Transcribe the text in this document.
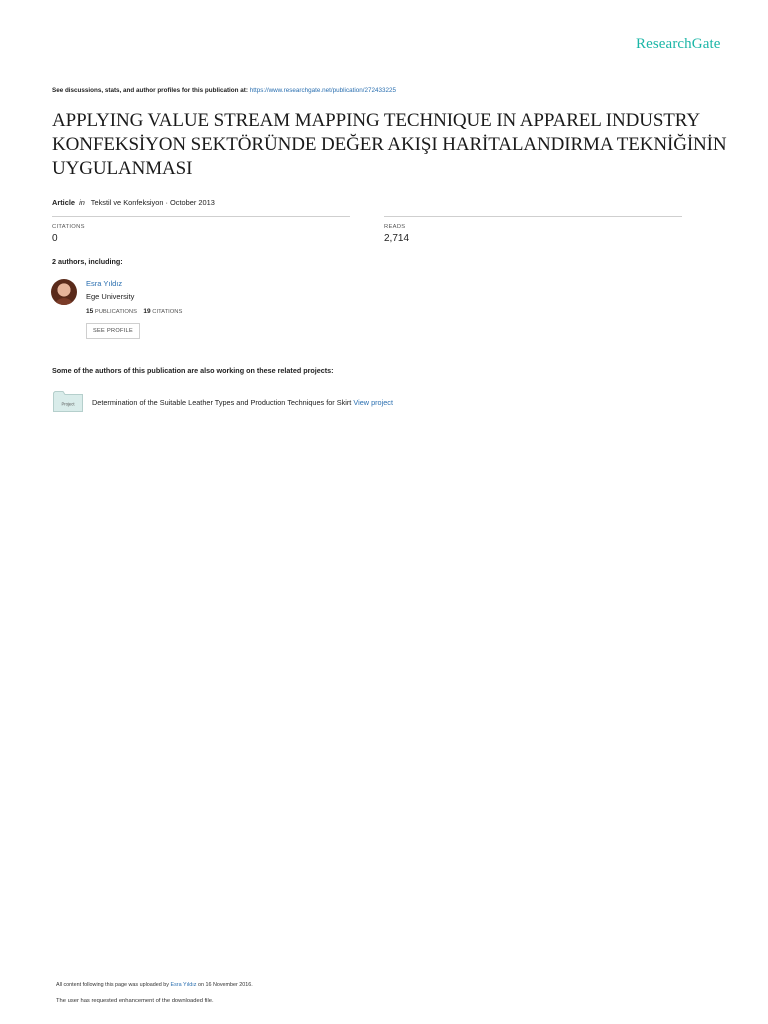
ResearchGate
See discussions, stats, and author profiles for this publication at: https://www.researchgate.net/publication/272433225
APPLYING VALUE STREAM MAPPING TECHNIQUE IN APPAREL INDUSTRY
KONFEKSİYON SEKTÖRÜNDE DEĞER AKIŞI HARİTALANDIRMA TEKNİĞİNİN
UYGULANMASI
Article in Tekstil ve Konfeksiyon · October 2013
CITATIONS
0
READS
2,714
2 authors, including:
Esra Yıldız
Ege University
15 PUBLICATIONS 19 CITATIONS
SEE PROFILE
Some of the authors of this publication are also working on these related projects:
Project Determination of the Suitable Leather Types and Production Techniques for Skirt View project
All content following this page was uploaded by Esra Yıldız on 16 November 2016.
The user has requested enhancement of the downloaded file.
